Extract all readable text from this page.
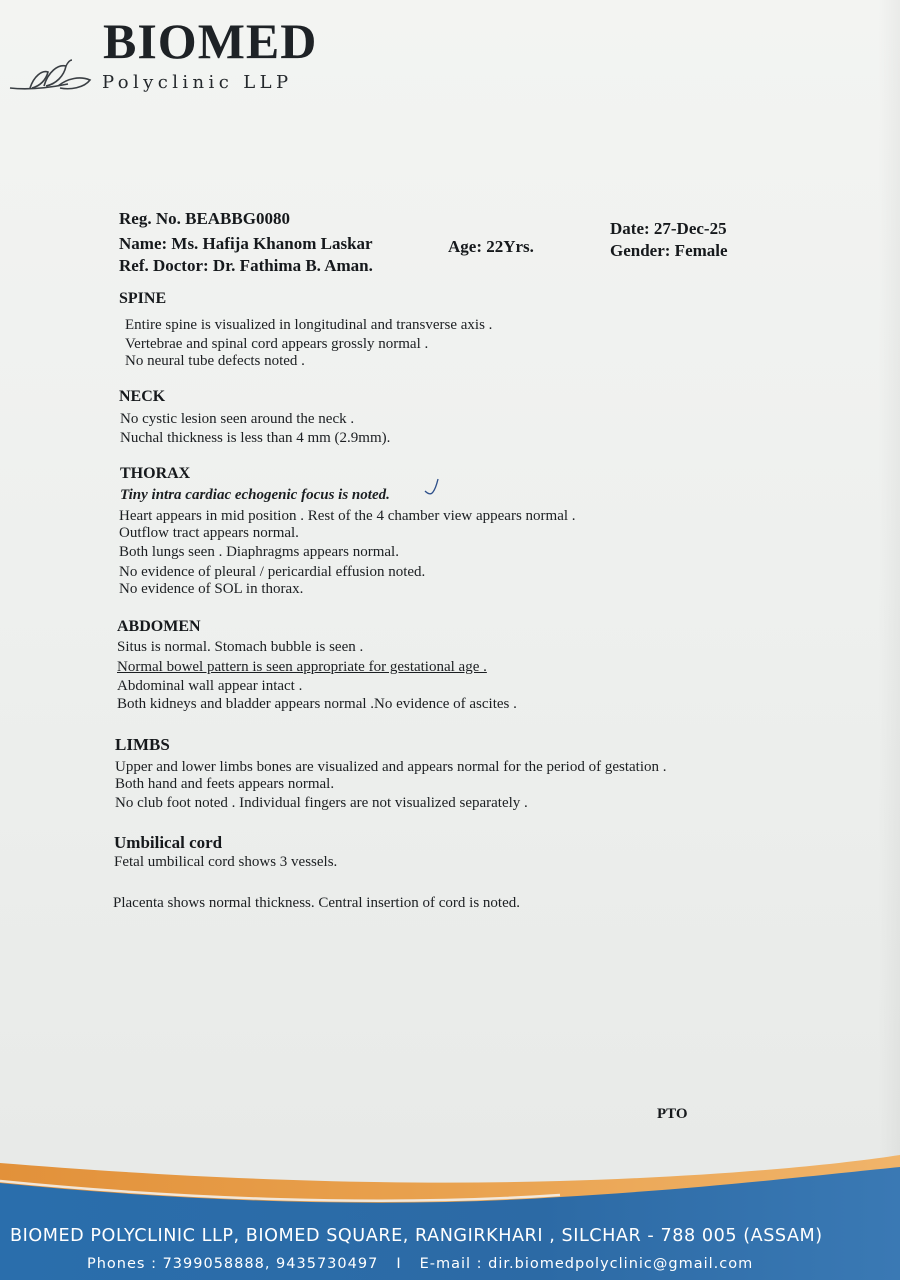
BIOMED
Polyclinic LLP
Reg. No. BEABBG0080
Name: Ms. Hafija Khanom Laskar
Ref. Doctor: Dr. Fathima B. Aman.
Age: 22Yrs.
Date: 27-Dec-25
Gender: Female
SPINE
Entire spine is visualized in longitudinal and transverse axis .
Vertebrae and spinal cord appears grossly normal .
No neural tube defects noted .
NECK
No cystic lesion seen around the neck .
Nuchal thickness is less than 4 mm (2.9mm).
THORAX
Tiny intra cardiac echogenic focus is noted.
Heart appears in mid position . Rest of the 4 chamber view appears normal .
Outflow tract appears normal.
Both lungs seen . Diaphragms appears normal.
No evidence of pleural / pericardial effusion noted.
No evidence of SOL in thorax.
ABDOMEN
Situs is normal. Stomach bubble is seen .
Normal bowel pattern is seen appropriate for gestational age .
Abdominal wall appear intact .
Both kidneys and bladder appears normal .No evidence of ascites .
LIMBS
Upper and lower limbs bones are visualized and appears normal for the period of gestation .
Both hand and feets appears normal.
No club foot noted . Individual fingers are not visualized separately .
Umbilical cord
Fetal umbilical cord shows 3 vessels.
Placenta shows normal thickness. Central insertion of cord is noted.
PTO
BIOMED POLYCLINIC LLP, BIOMED SQUARE, RANGIRKHARI , SILCHAR - 788 005 (ASSAM)
Phones : 7399058888, 9435730497 I E-mail : dir.biomedpolyclinic@gmail.com
